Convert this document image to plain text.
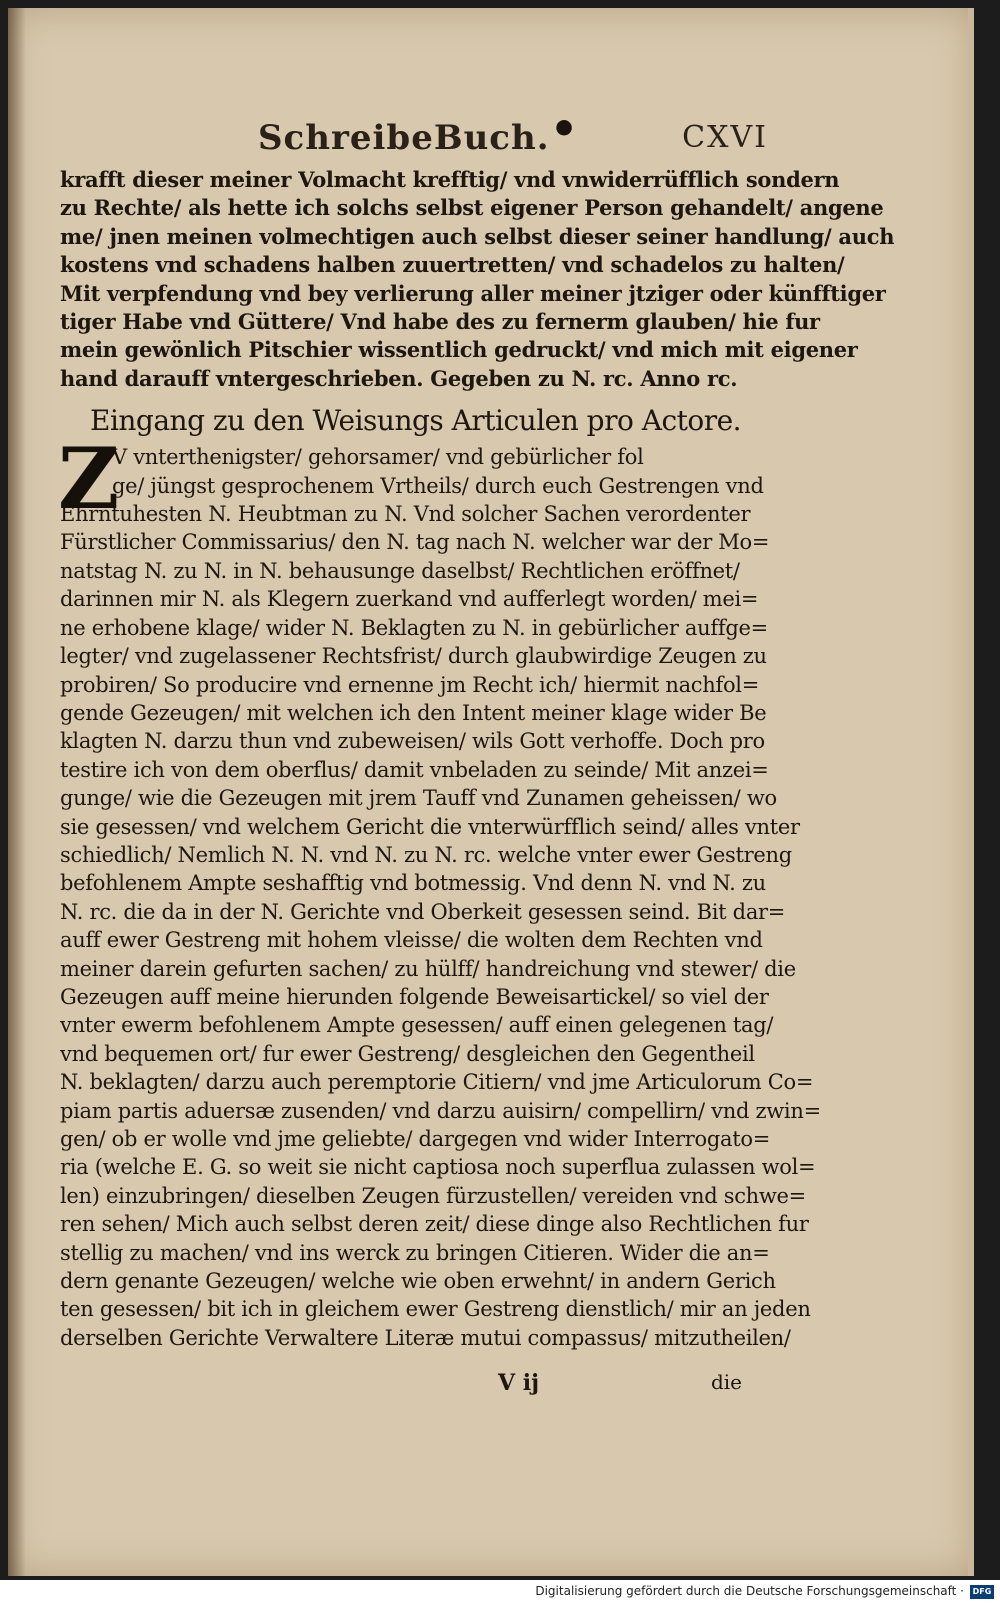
SchreibeBuch. •	CXVI
krafft dieser meiner Volmacht krefftig/ vnd vnwiderrüfflich sondern
zu Rechte/ als hette ich solchs selbst eigener Person gehandelt/ angene
me/ jnen meinen volmechtigen auch selbst dieser seiner handlung/ auch
kostens vnd schadens halben zuuertretten/ vnd schadelos zu halten/
Mit verpfendung vnd bey verlierung aller meiner jtziger oder künfftiger
tiger Habe vnd Güttere/ Vnd habe des zu fernerm glauben/ hie fur
mein gewönlich Pitschier wissentlich gedruckt/ vnd mich mit eigener
hand darauff vntergeschrieben. Gegeben zu N. rc. Anno rc.
Eingang zu den Weisungs Articulen pro Actore.
Z
V vnterthenigster/ gehorsamer/ vnd gebürlicher fol
ge/ jüngst gesprochenem Vrtheils/ durch euch Gestrengen vnd
Ehrntuhesten N. Heubtman zu N. Vnd solcher Sachen verordenter
Fürstlicher Commissarius/ den N. tag nach N. welcher war der Mo=
natstag N. zu N. in N. behausunge daselbst/ Rechtlichen eröffnet/
darinnen mir N. als Klegern zuerkand vnd aufferlegt worden/ mei=
ne erhobene klage/ wider N. Beklagten zu N. in gebürlicher auffge=
legter/ vnd zugelassener Rechtsfrist/ durch glaubwirdige Zeugen zu
probiren/ So producire vnd ernenne jm Recht ich/ hiermit nachfol=
gende Gezeugen/ mit welchen ich den Intent meiner klage wider Be
klagten N. darzu thun vnd zubeweisen/ wils Gott verhoffe. Doch pro
testire ich von dem oberflus/ damit vnbeladen zu seinde/ Mit anzei=
gunge/ wie die Gezeugen mit jrem Tauff vnd Zunamen geheissen/ wo
sie gesessen/ vnd welchem Gericht die vnterwürfflich seind/ alles vnter
schiedlich/ Nemlich N. N. vnd N. zu N. rc. welche vnter ewer Gestreng
befohlenem Ampte seshafftig vnd botmessig. Vnd denn N. vnd N. zu
N. rc. die da in der N. Gerichte vnd Oberkeit gesessen seind. Bit dar=
auff ewer Gestreng mit hohem vleisse/ die wolten dem Rechten vnd
meiner darein gefurten sachen/ zu hülff/ handreichung vnd stewer/ die
Gezeugen auff meine hierunden folgende Beweisartickel/ so viel der
vnter ewerm befohlenem Ampte gesessen/ auff einen gelegenen tag/
vnd bequemen ort/ fur ewer Gestreng/ desgleichen den Gegentheil
N. beklagten/ darzu auch peremptorie Citiern/ vnd jme Articulorum Co=
piam partis aduersæ zusenden/ vnd darzu auisirn/ compellirn/ vnd zwin=
gen/ ob er wolle vnd jme geliebte/ dargegen vnd wider Interrogato=
ria (welche E. G. so weit sie nicht captiosa noch superflua zulassen wol=
len) einzubringen/ dieselben Zeugen fürzustellen/ vereiden vnd schwe=
ren sehen/ Mich auch selbst deren zeit/ diese dinge also Rechtlichen fur
stellig zu machen/ vnd ins werck zu bringen Citieren. Wider die an=
dern genante Gezeugen/ welche wie oben erwehnt/ in andern Gerich
ten gesessen/ bit ich in gleichem ewer Gestreng dienstlich/ mir an jeden
derselben Gerichte Verwaltere Literæ mutui compassus/ mitzutheilen/
V ij	die
Digitalisierung gefördert durch die Deutsche Forschungsgemeinschaft ·	DFG
